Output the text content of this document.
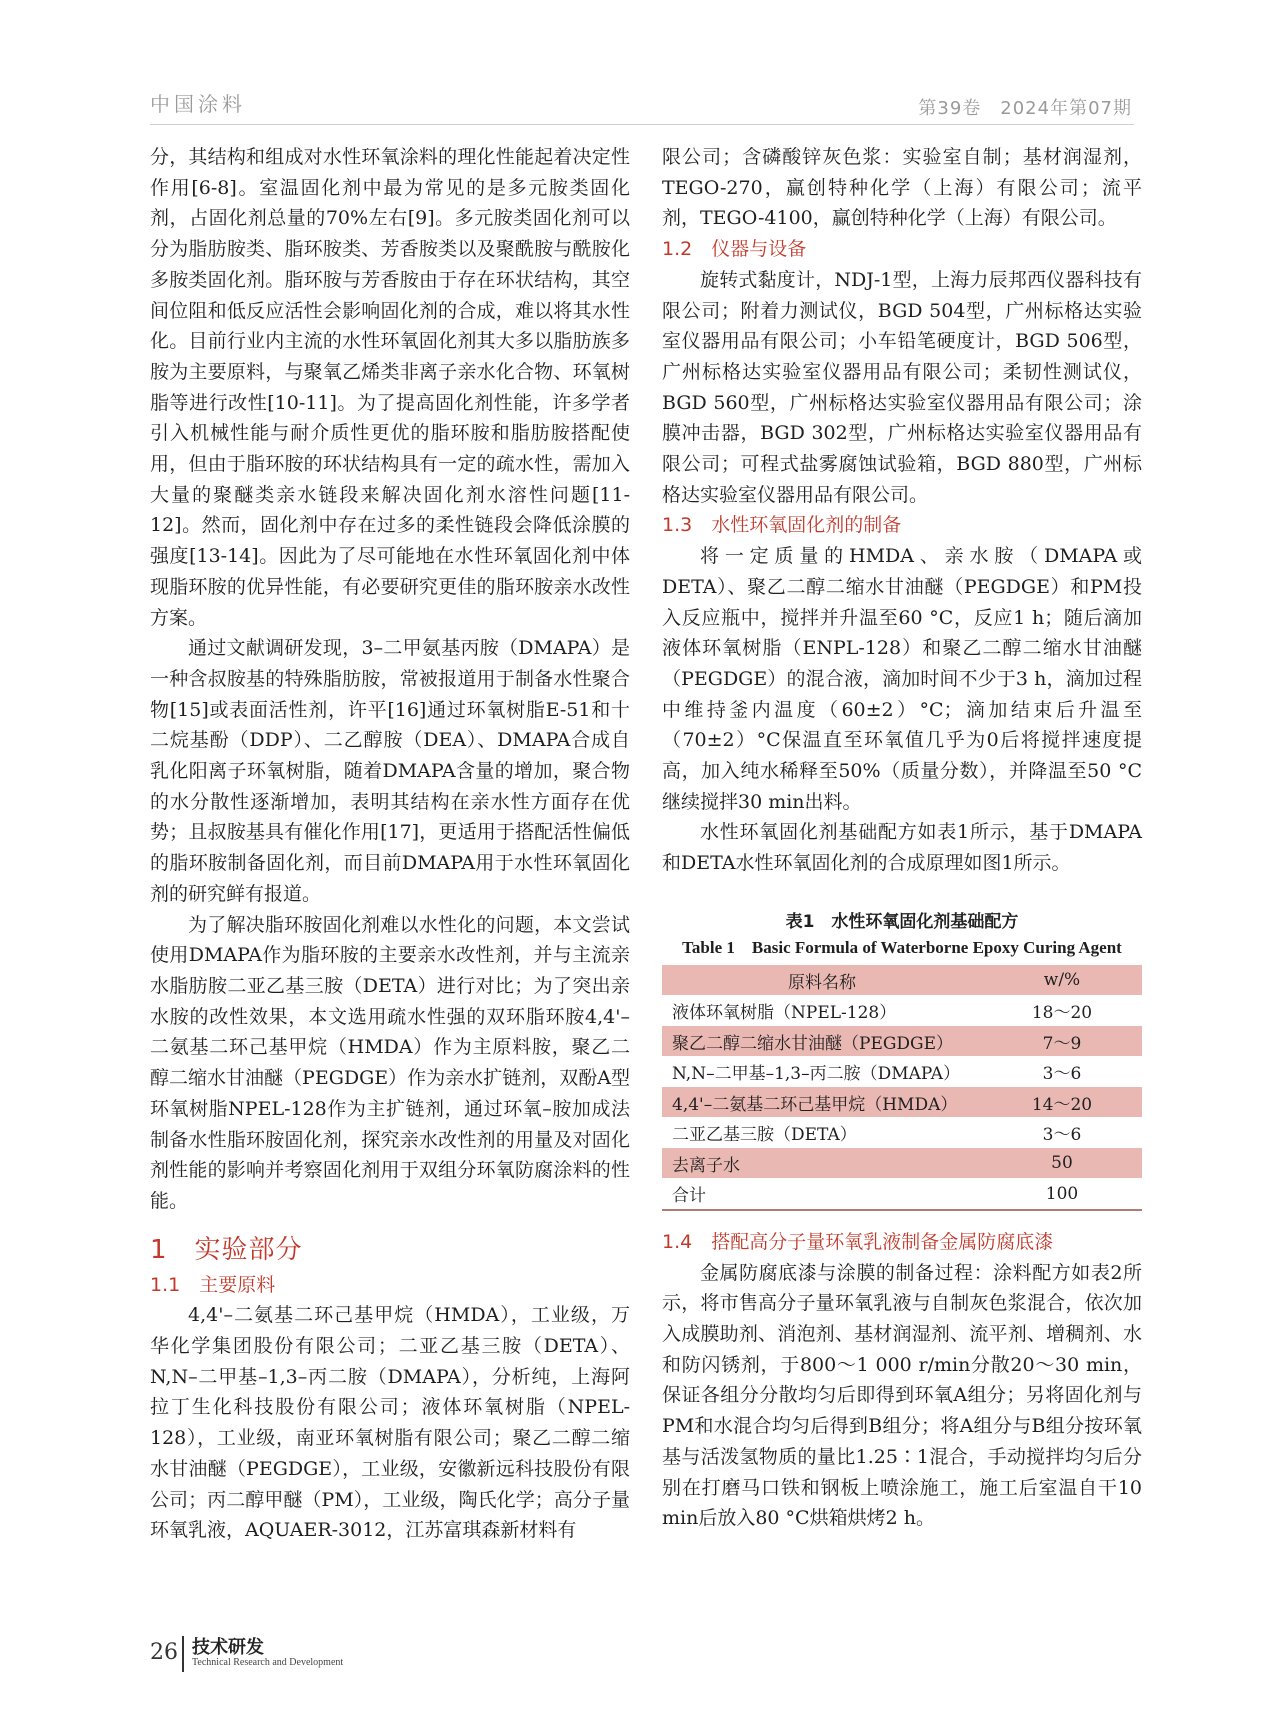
中国涂料	第39卷　2024年第07期

分，其结构和组成对水性环氧涂料的理化性能起着决定性作用[6-8]。室温固化剂中最为常见的是多元胺类固化剂，占固化剂总量的70%左右[9]。多元胺类固化剂可以分为脂肪胺类、脂环胺类、芳香胺类以及聚酰胺与酰胺化多胺类固化剂。脂环胺与芳香胺由于存在环状结构，其空间位阻和低反应活性会影响固化剂的合成，难以将其水性化。目前行业内主流的水性环氧固化剂其大多以脂肪族多胺为主要原料，与聚氧乙烯类非离子亲水化合物、环氧树脂等进行改性[10-11]。为了提高固化剂性能，许多学者引入机械性能与耐介质性更优的脂环胺和脂肪胺搭配使用，但由于脂环胺的环状结构具有一定的疏水性，需加入大量的聚醚类亲水链段来解决固化剂水溶性问题[11-12]。然而，固化剂中存在过多的柔性链段会降低涂膜的强度[13-14]。因此为了尽可能地在水性环氧固化剂中体现脂环胺的优异性能，有必要研究更佳的脂环胺亲水改性方案。

通过文献调研发现，3–二甲氨基丙胺（DMAPA）是一种含叔胺基的特殊脂肪胺，常被报道用于制备水性聚合物[15]或表面活性剂，许平[16]通过环氧树脂E-51和十二烷基酚（DDP）、二乙醇胺（DEA）、DMAPA合成自乳化阳离子环氧树脂，随着DMAPA含量的增加，聚合物的水分散性逐渐增加，表明其结构在亲水性方面存在优势；且叔胺基具有催化作用[17]，更适用于搭配活性偏低的脂环胺制备固化剂，而目前DMAPA用于水性环氧固化剂的研究鲜有报道。

为了解决脂环胺固化剂难以水性化的问题，本文尝试使用DMAPA作为脂环胺的主要亲水改性剂，并与主流亲水脂肪胺二亚乙基三胺（DETA）进行对比；为了突出亲水胺的改性效果，本文选用疏水性强的双环脂环胺4,4'–二氨基二环己基甲烷（HMDA）作为主原料胺，聚乙二醇二缩水甘油醚（PEGDGE）作为亲水扩链剂，双酚A型环氧树脂NPEL-128作为主扩链剂，通过环氧–胺加成法制备水性脂环胺固化剂，探究亲水改性剂的用量及对固化剂性能的影响并考察固化剂用于双组分环氧防腐涂料的性能。

1　实验部分
1.1　主要原料

4,4'–二氨基二环己基甲烷（HMDA），工业级，万华化学集团股份有限公司；二亚乙基三胺（DETA）、N,N–二甲基–1,3–丙二胺（DMAPA），分析纯，上海阿拉丁生化科技股份有限公司；液体环氧树脂（NPEL-128），工业级，南亚环氧树脂有限公司；聚乙二醇二缩水甘油醚（PEGDGE），工业级，安徽新远科技股份有限公司；丙二醇甲醚（PM），工业级，陶氏化学；高分子量环氧乳液，AQUAER-3012，江苏富琪森新材料有

限公司；含磷酸锌灰色浆：实验室自制；基材润湿剂，TEGO-270，赢创特种化学（上海）有限公司；流平剂，TEGO-4100，赢创特种化学（上海）有限公司。

1.2　仪器与设备

旋转式黏度计，NDJ-1型，上海力辰邦西仪器科技有限公司；附着力测试仪，BGD 504型，广州标格达实验室仪器用品有限公司；小车铅笔硬度计，BGD 506型，广州标格达实验室仪器用品有限公司；柔韧性测试仪，BGD 560型，广州标格达实验室仪器用品有限公司；涂膜冲击器，BGD 302型，广州标格达实验室仪器用品有限公司；可程式盐雾腐蚀试验箱，BGD 880型，广州标格达实验室仪器用品有限公司。

1.3　水性环氧固化剂的制备

将一定质量的HMDA、亲水胺（DMAPA或DETA）、聚乙二醇二缩水甘油醚（PEGDGE）和PM投入反应瓶中，搅拌并升温至60 °C，反应1 h；随后滴加液体环氧树脂（ENPL-128）和聚乙二醇二缩水甘油醚（PEGDGE）的混合液，滴加时间不少于3 h，滴加过程中维持釜内温度（60±2）°C；滴加结束后升温至（70±2）°C保温直至环氧值几乎为0后将搅拌速度提高，加入纯水稀释至50%（质量分数），并降温至50 °C继续搅拌30 min出料。

水性环氧固化剂基础配方如表1所示，基于DMAPA和DETA水性环氧固化剂的合成原理如图1所示。

表1　水性环氧固化剂基础配方
Table 1　Basic Formula of Waterborne Epoxy Curing Agent
原料名称	w/%
液体环氧树脂（NPEL-128）	18～20
聚乙二醇二缩水甘油醚（PEGDGE）	7～9
N,N–二甲基–1,3–丙二胺（DMAPA）	3～6
4,4'–二氨基二环己基甲烷（HMDA）	14～20
二亚乙基三胺（DETA）	3～6
去离子水	50
合计	100
1.4　搭配高分子量环氧乳液制备金属防腐底漆

金属防腐底漆与涂膜的制备过程：涂料配方如表2所示，将市售高分子量环氧乳液与自制灰色浆混合，依次加入成膜助剂、消泡剂、基材润湿剂、流平剂、增稠剂、水和防闪锈剂，于800～1 000 r/min分散20～30 min，保证各组分分散均匀后即得到环氧A组分；另将固化剂与PM和水混合均匀后得到B组分；将A组分与B组分按环氧基与活泼氢物质的量比1.25∶1混合，手动搅拌均匀后分别在打磨马口铁和钢板上喷涂施工，施工后室温自干10 min后放入80 °C烘箱烘烤2 h。

26 技术研发
Technical Research and Development
